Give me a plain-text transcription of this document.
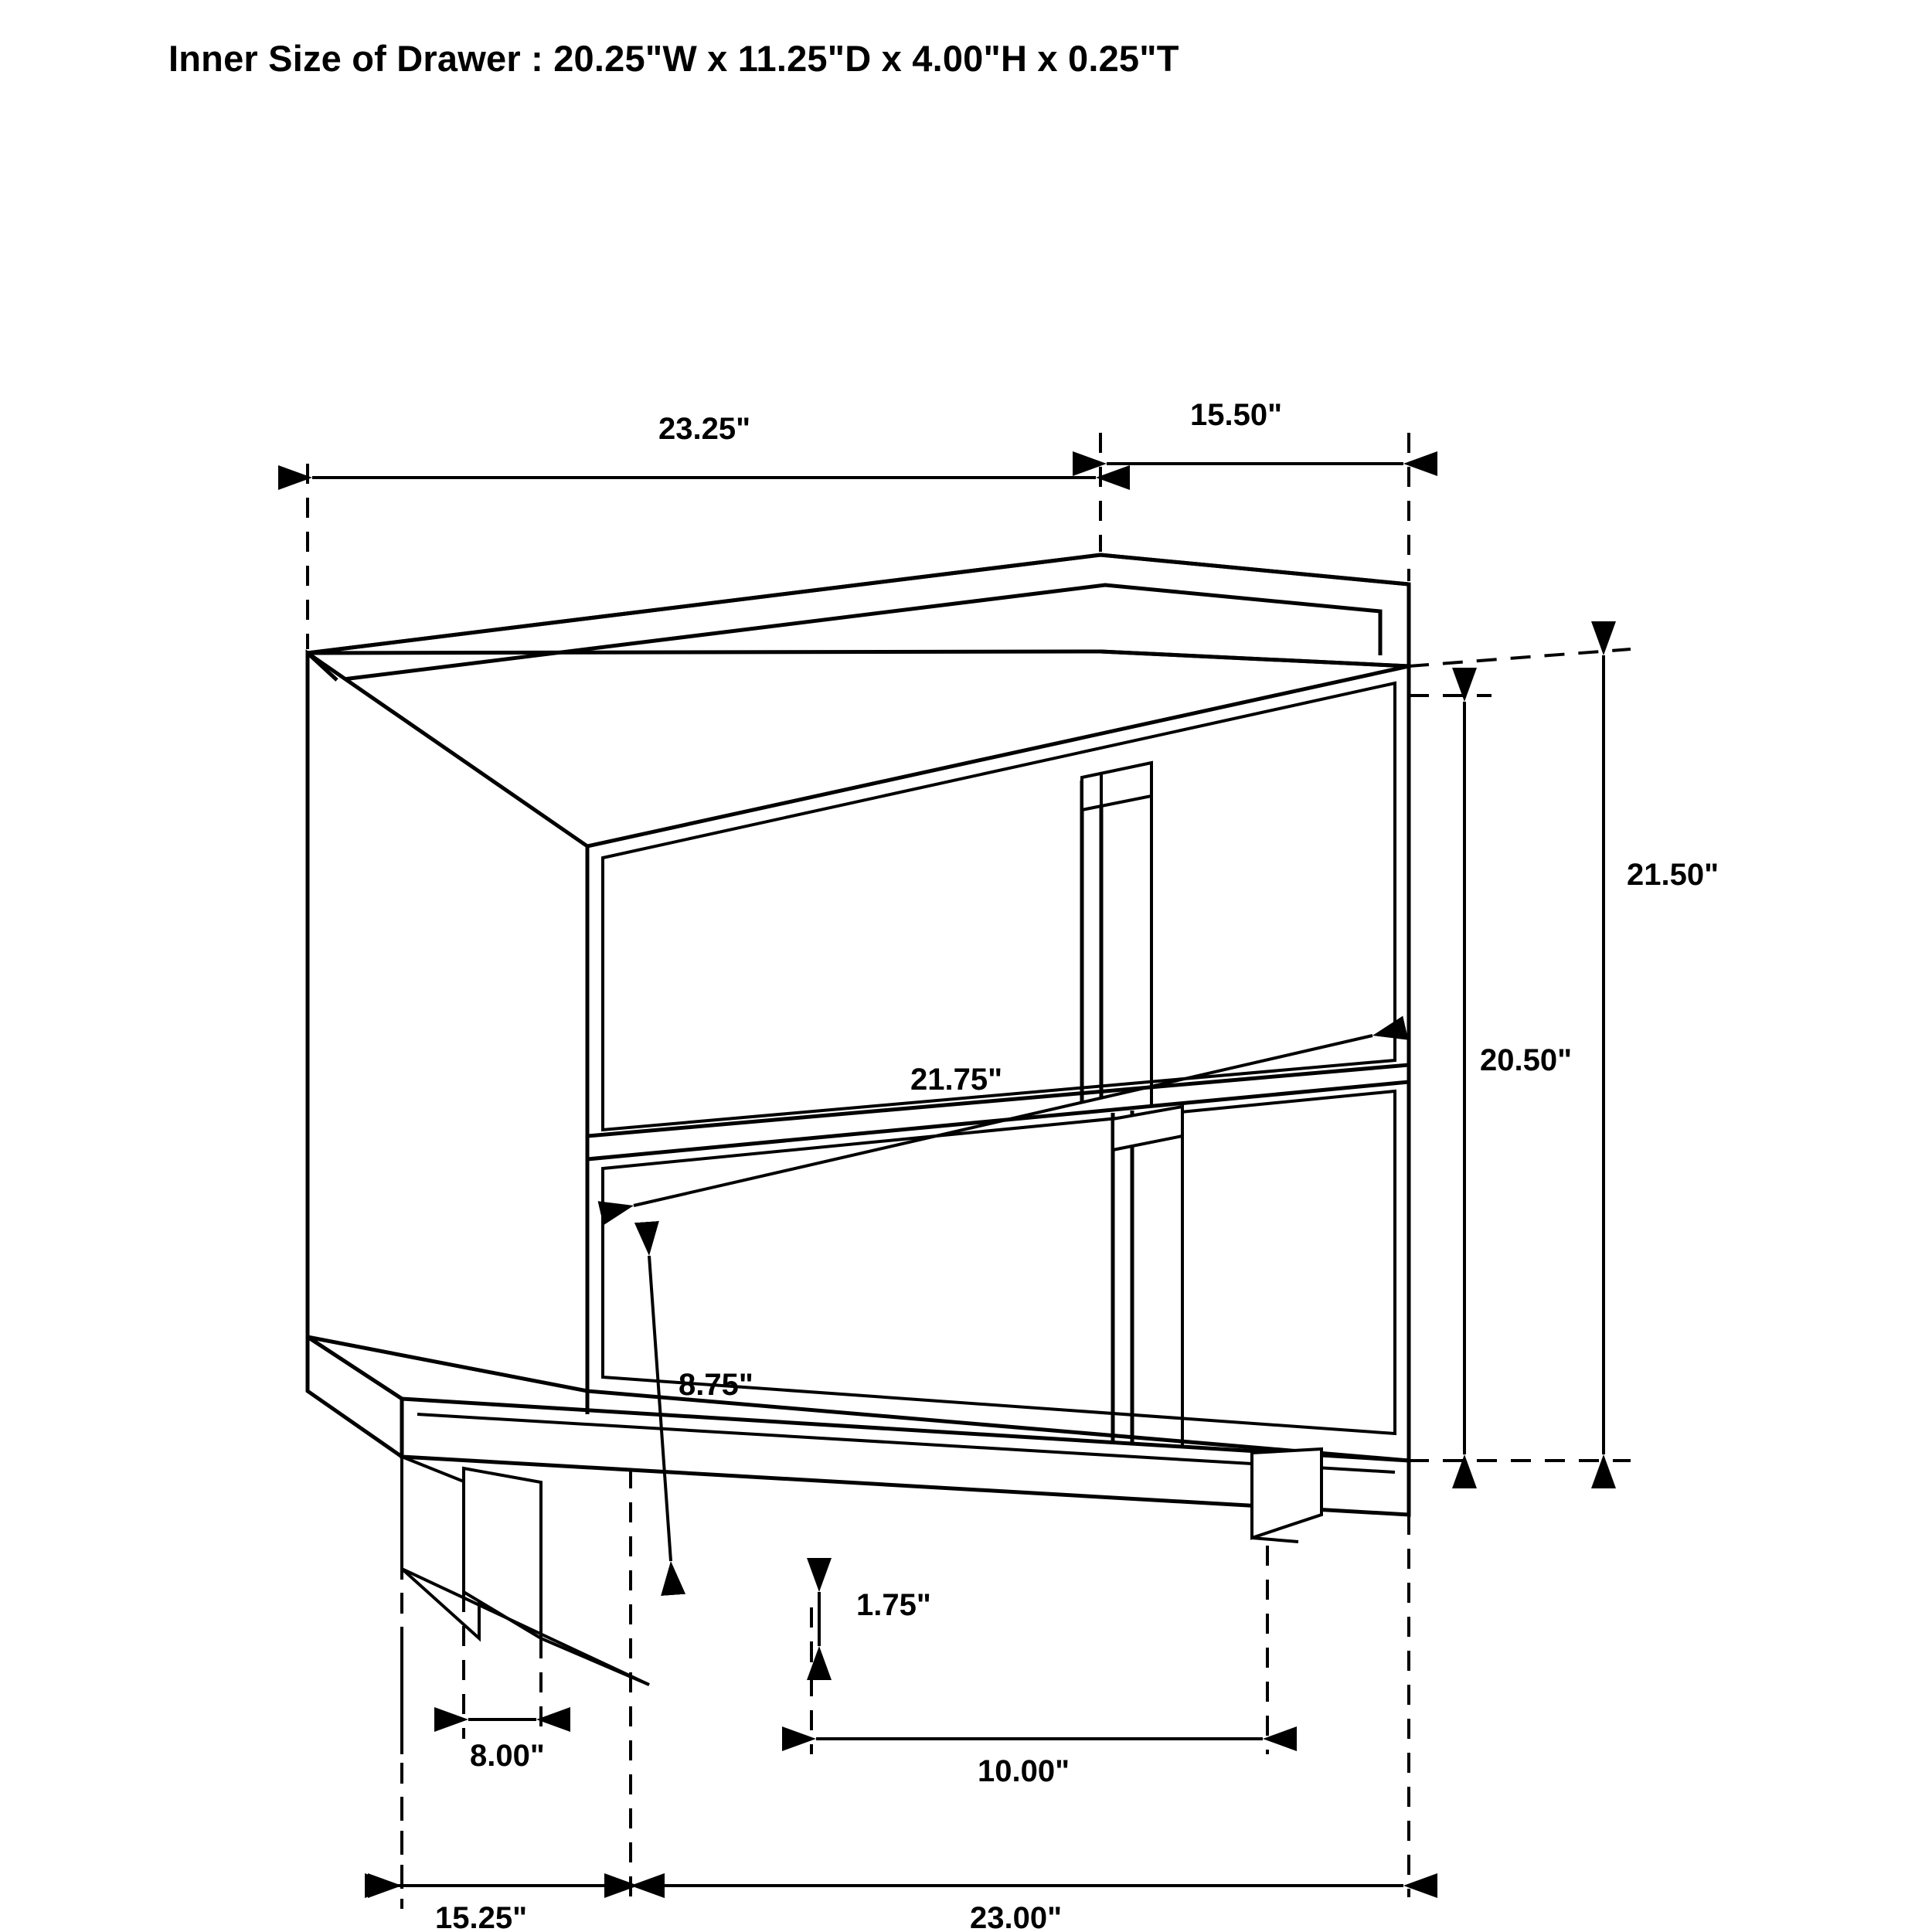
Inner Size of Drawer : 20.25"W x 11.25"D x 4.00"H x 0.25"T
23.25"	15.50"
21.50"
20.50"
21.75"
8.75"
1.75"
8.00"	10.00"
15.25"	23.00"
